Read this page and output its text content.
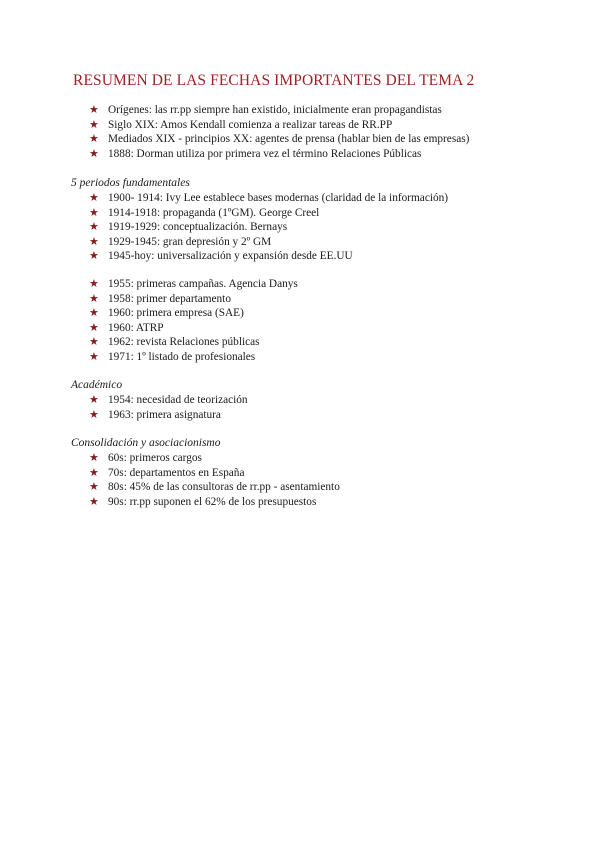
RESUMEN DE LAS FECHAS IMPORTANTES DEL TEMA 2
★ Orígenes: las rr.pp siempre han existido, inicialmente eran propagandistas
★ Siglo XIX: Amos Kendall comienza a realizar tareas de RR.PP
★ Mediados XIX - principios XX: agentes de prensa (hablar bien de las empresas)
★ 1888: Dorman utiliza por primera vez el término Relaciones Públicas
5 periodos fundamentales
★ 1900- 1914: Ivy Lee establece bases modernas (claridad de la información)
★ 1914-1918: propaganda (1ºGM). George Creel
★ 1919-1929: conceptualización. Bernays
★ 1929-1945: gran depresión y 2º GM
★ 1945-hoy: universalización y expansión desde EE.UU
★ 1955: primeras campañas. Agencia Danys
★ 1958: primer departamento
★ 1960: primera empresa (SAE)
★ 1960: ATRP
★ 1962: revista Relaciones públicas
★ 1971: 1º listado de profesionales
Académico
★ 1954: necesidad de teorización
★ 1963: primera asignatura
Consolidación y asociacionismo
★ 60s: primeros cargos
★ 70s: departamentos en España
★ 80s: 45% de las consultoras de rr.pp - asentamiento
★ 90s: rr.pp suponen el 62% de los presupuestos
